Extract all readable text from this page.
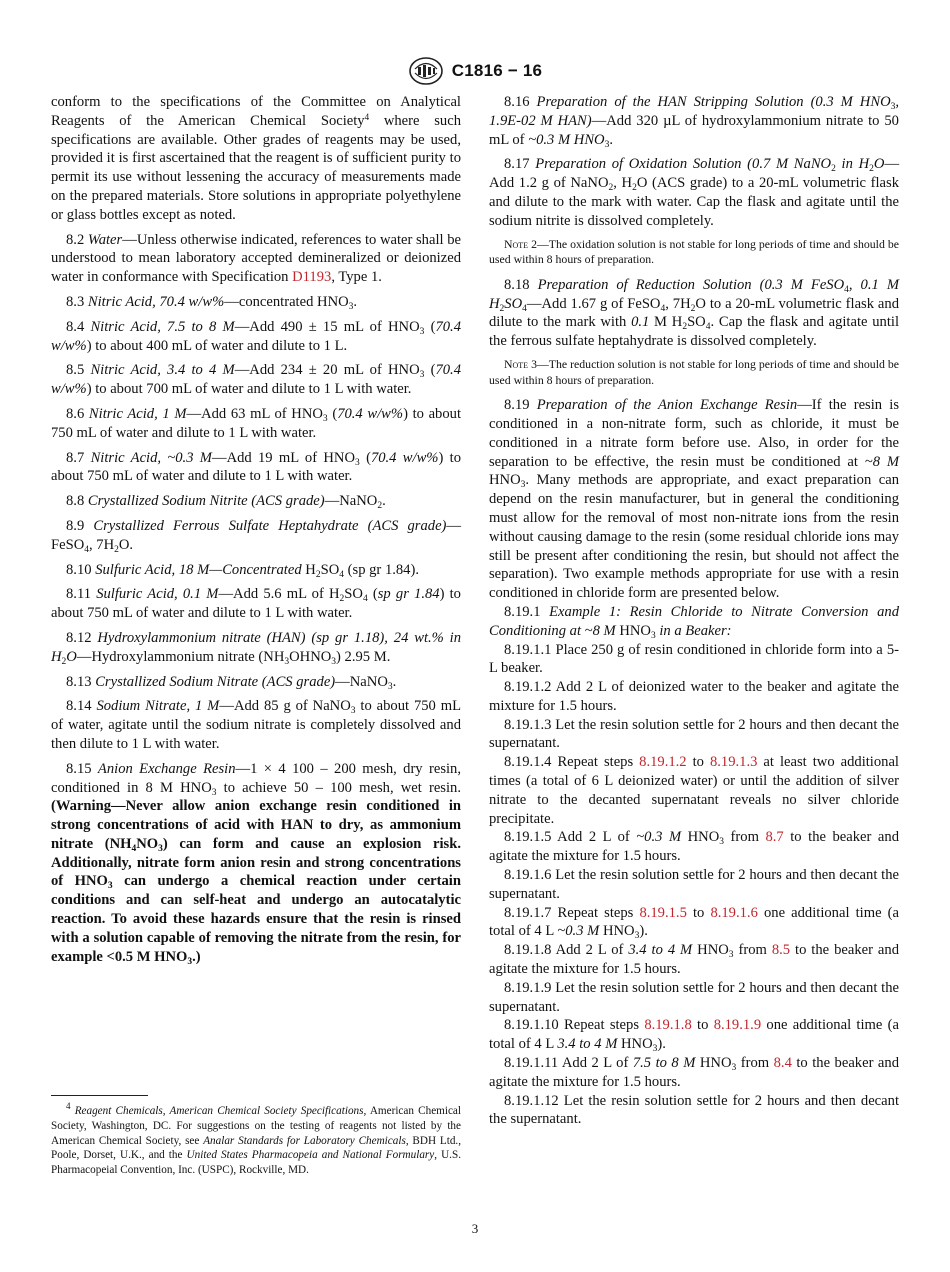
C1816 − 16

conform to the specifications of the Committee on Analytical Reagents of the American Chemical Society$^4$ where such specifications are available. Other grades of reagents may be used, provided it is first ascertained that the reagent is of sufficient purity to permit its use without lessening the accuracy of measurements made on the prepared materials. Store solutions in appropriate polyethylene or glass bottles except as noted.

8.2 Water—Unless otherwise indicated, references to water shall be understood to mean laboratory accepted demineralized or deionized water in conformance with Specification D1193, Type 1.

8.3 Nitric Acid, 70.4 w/w%—concentrated $HNO_3$.

8.4 Nitric Acid, 7.5 to 8 M—Add 490 ± 15 mL of $HNO_3$ (70.4 w/w%) to about 400 mL of water and dilute to 1 L.

8.5 Nitric Acid, 3.4 to 4 M—Add 234 ± 20 mL of $HNO_3$ (70.4 w/w%) to about 700 mL of water and dilute to 1 L with water.

8.6 Nitric Acid, 1 M—Add 63 mL of $HNO_3$ (70.4 w/w%) to about 750 mL of water and dilute to 1 L with water.

8.7 Nitric Acid, ~0.3 M—Add 19 mL of $HNO_3$ (70.4 w/w%) to about 750 mL of water and dilute to 1 L with water.

8.8 Crystallized Sodium Nitrite (ACS grade)—NaNO$_2$.

8.9 Crystallized Ferrous Sulfate Heptahydrate (ACS grade)—FeSO$_4$, $7H_2O$.

8.10 Sulfuric Acid, 18 M—Concentrated $H_2SO_4$ (sp gr 1.84).

8.11 Sulfuric Acid, 0.1 M—Add 5.6 mL of $H_2SO_4$ (sp gr 1.84) to about 750 mL of water and dilute to 1 L with water.

8.12 Hydroxylammonium nitrate (HAN) (sp gr 1.18), 24 wt.% in $H_2O—Hydroxylammonium$ nitrate $(NH_3OHNO_3)$ 2.95 M.

8.13 Crystallized Sodium Nitrate (ACS grade)—NaNO$_3$.

8.14 Sodium Nitrate, 1 M—Add 85 g of NaNO$_3$ to about 750 mL of water, agitate until the sodium nitrate is completely dissolved and then dilute to 1 L with water.

8.15 Anion Exchange Resin—1 × 4 100 – 200 mesh, dry resin, conditioned in 8 M $HNO_3$ to achieve 50 – 100 mesh, wet resin. (Warning—Never allow anion exchange resin conditioned in strong concentrations of acid with HAN to dry, as ammonium nitrate $(NH_4NO_3)$ can form and cause an explosion risk. Additionally, nitrate form anion resin and strong concentrations of $HNO_3$ can undergo a chemical reaction under certain conditions and can self-heat and undergo an autocatalytic reaction. To avoid these hazards ensure that the resin is rinsed with a solution capable of removing the nitrate from the resin, for example <0.5 M $HNO_3$.)

$^4$ Reagent Chemicals, American Chemical Society Specifications, American Chemical Society, Washington, DC. For suggestions on the testing of reagents not listed by the American Chemical Society, see Analar Standards for Laboratory Chemicals, BDH Ltd., Poole, Dorset, U.K., and the United States Pharmacopeia and National Formulary, U.S. Pharmacopeial Convention, Inc. (USPC), Rockville, MD.

8.16 Preparation of the HAN Stripping Solution (0.3 M $HNO_3$, 1.9E-02 M HAN)—Add 320 µL of hydroxylammonium nitrate to 50 mL of ~0.3 M $HNO_3$.

8.17 Preparation of Oxidation Solution (0.7 M NaNO$_2$ in $H_2O—Add$ 1.2 g of NaNO$_2$, $H_2O$ (ACS grade) to a 20-mL volumetric flask and dilute to the mark with water. Cap the flask and agitate until the sodium nitrite is dissolved completely.

Note 2—The oxidation solution is not stable for long periods of time and should be used within 8 hours of preparation.

8.18 Preparation of Reduction Solution (0.3 M FeSO$_4$, 0.1 M $H_2SO_4—Add$ 1.67 g of FeSO$_4$, $7H_2O$ to a 20-mL volumetric flask and dilute to the mark with 0.1 M $H_2SO_4$. Cap the flask and agitate until the ferrous sulfate heptahydrate is dissolved completely.

Note 3—The reduction solution is not stable for long periods of time and should be used within 8 hours of preparation.

8.19 Preparation of the Anion Exchange Resin—If the resin is conditioned in a non-nitrate form, such as chloride, it must be conditioned in a nitrate form before use. Also, in order for the separation to be effective, the resin must be conditioned at ~8 M $HNO_3$. Many methods are appropriate, and exact preparation can depend on the resin manufacturer, but in general the conditioning must allow for the removal of most non-nitrate ions from the resin without causing damage to the resin (some residual chloride ions may still be present after conditioning the resin, but should not affect the separation). Two example methods appropriate for use with a resin conditioned in chloride form are presented below.

8.19.1 Example 1: Resin Chloride to Nitrate Conversion and Conditioning at ~8 M $HNO_3$ in a Beaker:

8.19.1.1 Place 250 g of resin conditioned in chloride form into a 5-L beaker.

8.19.1.2 Add 2 L of deionized water to the beaker and agitate the mixture for 1.5 hours.

8.19.1.3 Let the resin solution settle for 2 hours and then decant the supernatant.

8.19.1.4 Repeat steps 8.19.1.2 to 8.19.1.3 at least two additional times (a total of 6 L deionized water) or until the addition of silver nitrate to the decanted supernatant reveals no silver chloride precipitate.

8.19.1.5 Add 2 L of ~0.3 M $HNO_3$ from 8.7 to the beaker and agitate the mixture for 1.5 hours.

8.19.1.6 Let the resin solution settle for 2 hours and then decant the supernatant.

8.19.1.7 Repeat steps 8.19.1.5 to 8.19.1.6 one additional time (a total of 4 L ~0.3 M $HNO_3$).

8.19.1.8 Add 2 L of 3.4 to 4 M $HNO_3$ from 8.5 to the beaker and agitate the mixture for 1.5 hours.

8.19.1.9 Let the resin solution settle for 2 hours and then decant the supernatant.

8.19.1.10 Repeat steps 8.19.1.8 to 8.19.1.9 one additional time (a total of 4 L 3.4 to 4 M $HNO_3$).

8.19.1.11 Add 2 L of 7.5 to 8 M $HNO_3$ from 8.4 to the beaker and agitate the mixture for 1.5 hours.

8.19.1.12 Let the resin solution settle for 2 hours and then decant the supernatant.

3
